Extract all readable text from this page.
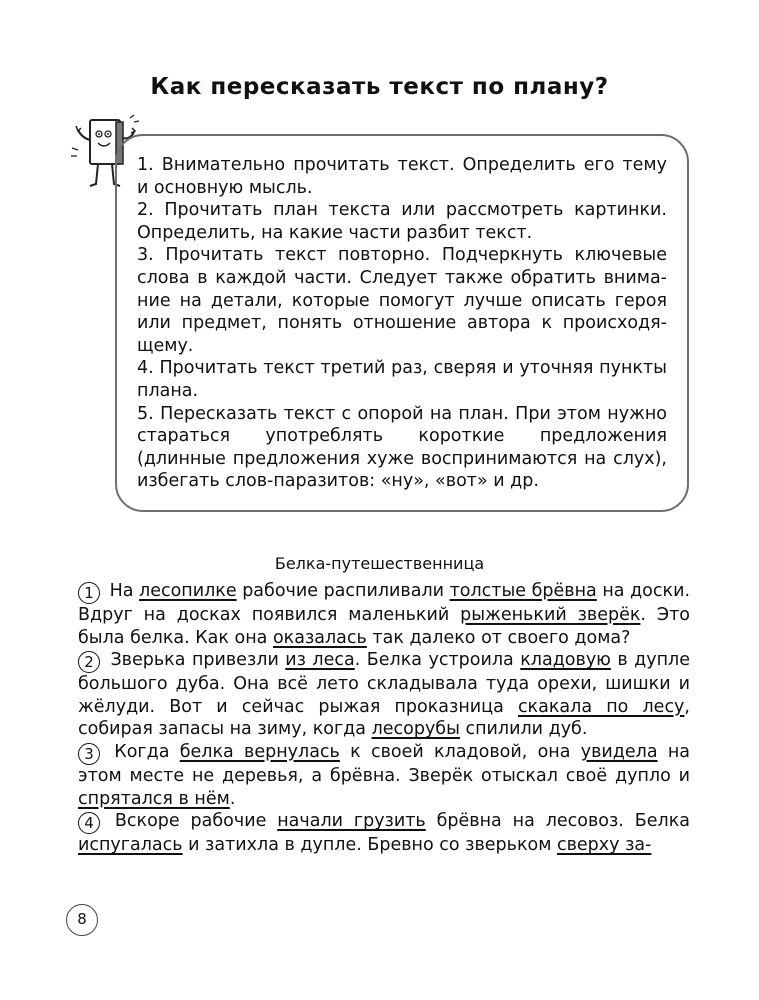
Как пересказать текст по плану?

1. Внимательно прочитать текст. Определить его тему и основную мысль.

2. Прочитать план текста или рассмотреть картинки. Определить, на какие части разбит текст.

3. Прочитать текст повторно. Подчеркнуть ключевые слова в каждой части. Следует также обратить внима-ние на детали, которые помогут лучше описать героя или предмет, понять отношение автора к происходя-щему.

4. Прочитать текст третий раз, сверяя и уточняя пункты плана.

5. Пересказать текст с опорой на план. При этом нужно стараться употреблять короткие предложения (длинные предложения хуже воспринимаются на слух), избегать слов-паразитов: «ну», «вот» и др.

Белка-путешественница

1 На лесопилке рабочие распиливали толстые брёвна на доски. Вдруг на досках появился маленький рыженький зверёк. Это была белка. Как она оказалась так далеко от своего дома?

2 Зверька привезли из леса. Белка устроила кладовую в дупле большого дуба. Она всё лето складывала туда орехи, шишки и жёлуди. Вот и сейчас рыжая проказница скакала по лесу, собирая запасы на зиму, когда лесорубы спилили дуб.

3 Когда белка вернулась к своей кладовой, она увидела на этом месте не деревья, а брёвна. Зверёк отыскал своё дупло и спрятался в нём.

4 Вскоре рабочие начали грузить брёвна на лесовоз. Белка испугалась и затихла в дупле. Бревно со зверьком сверху за-

8
